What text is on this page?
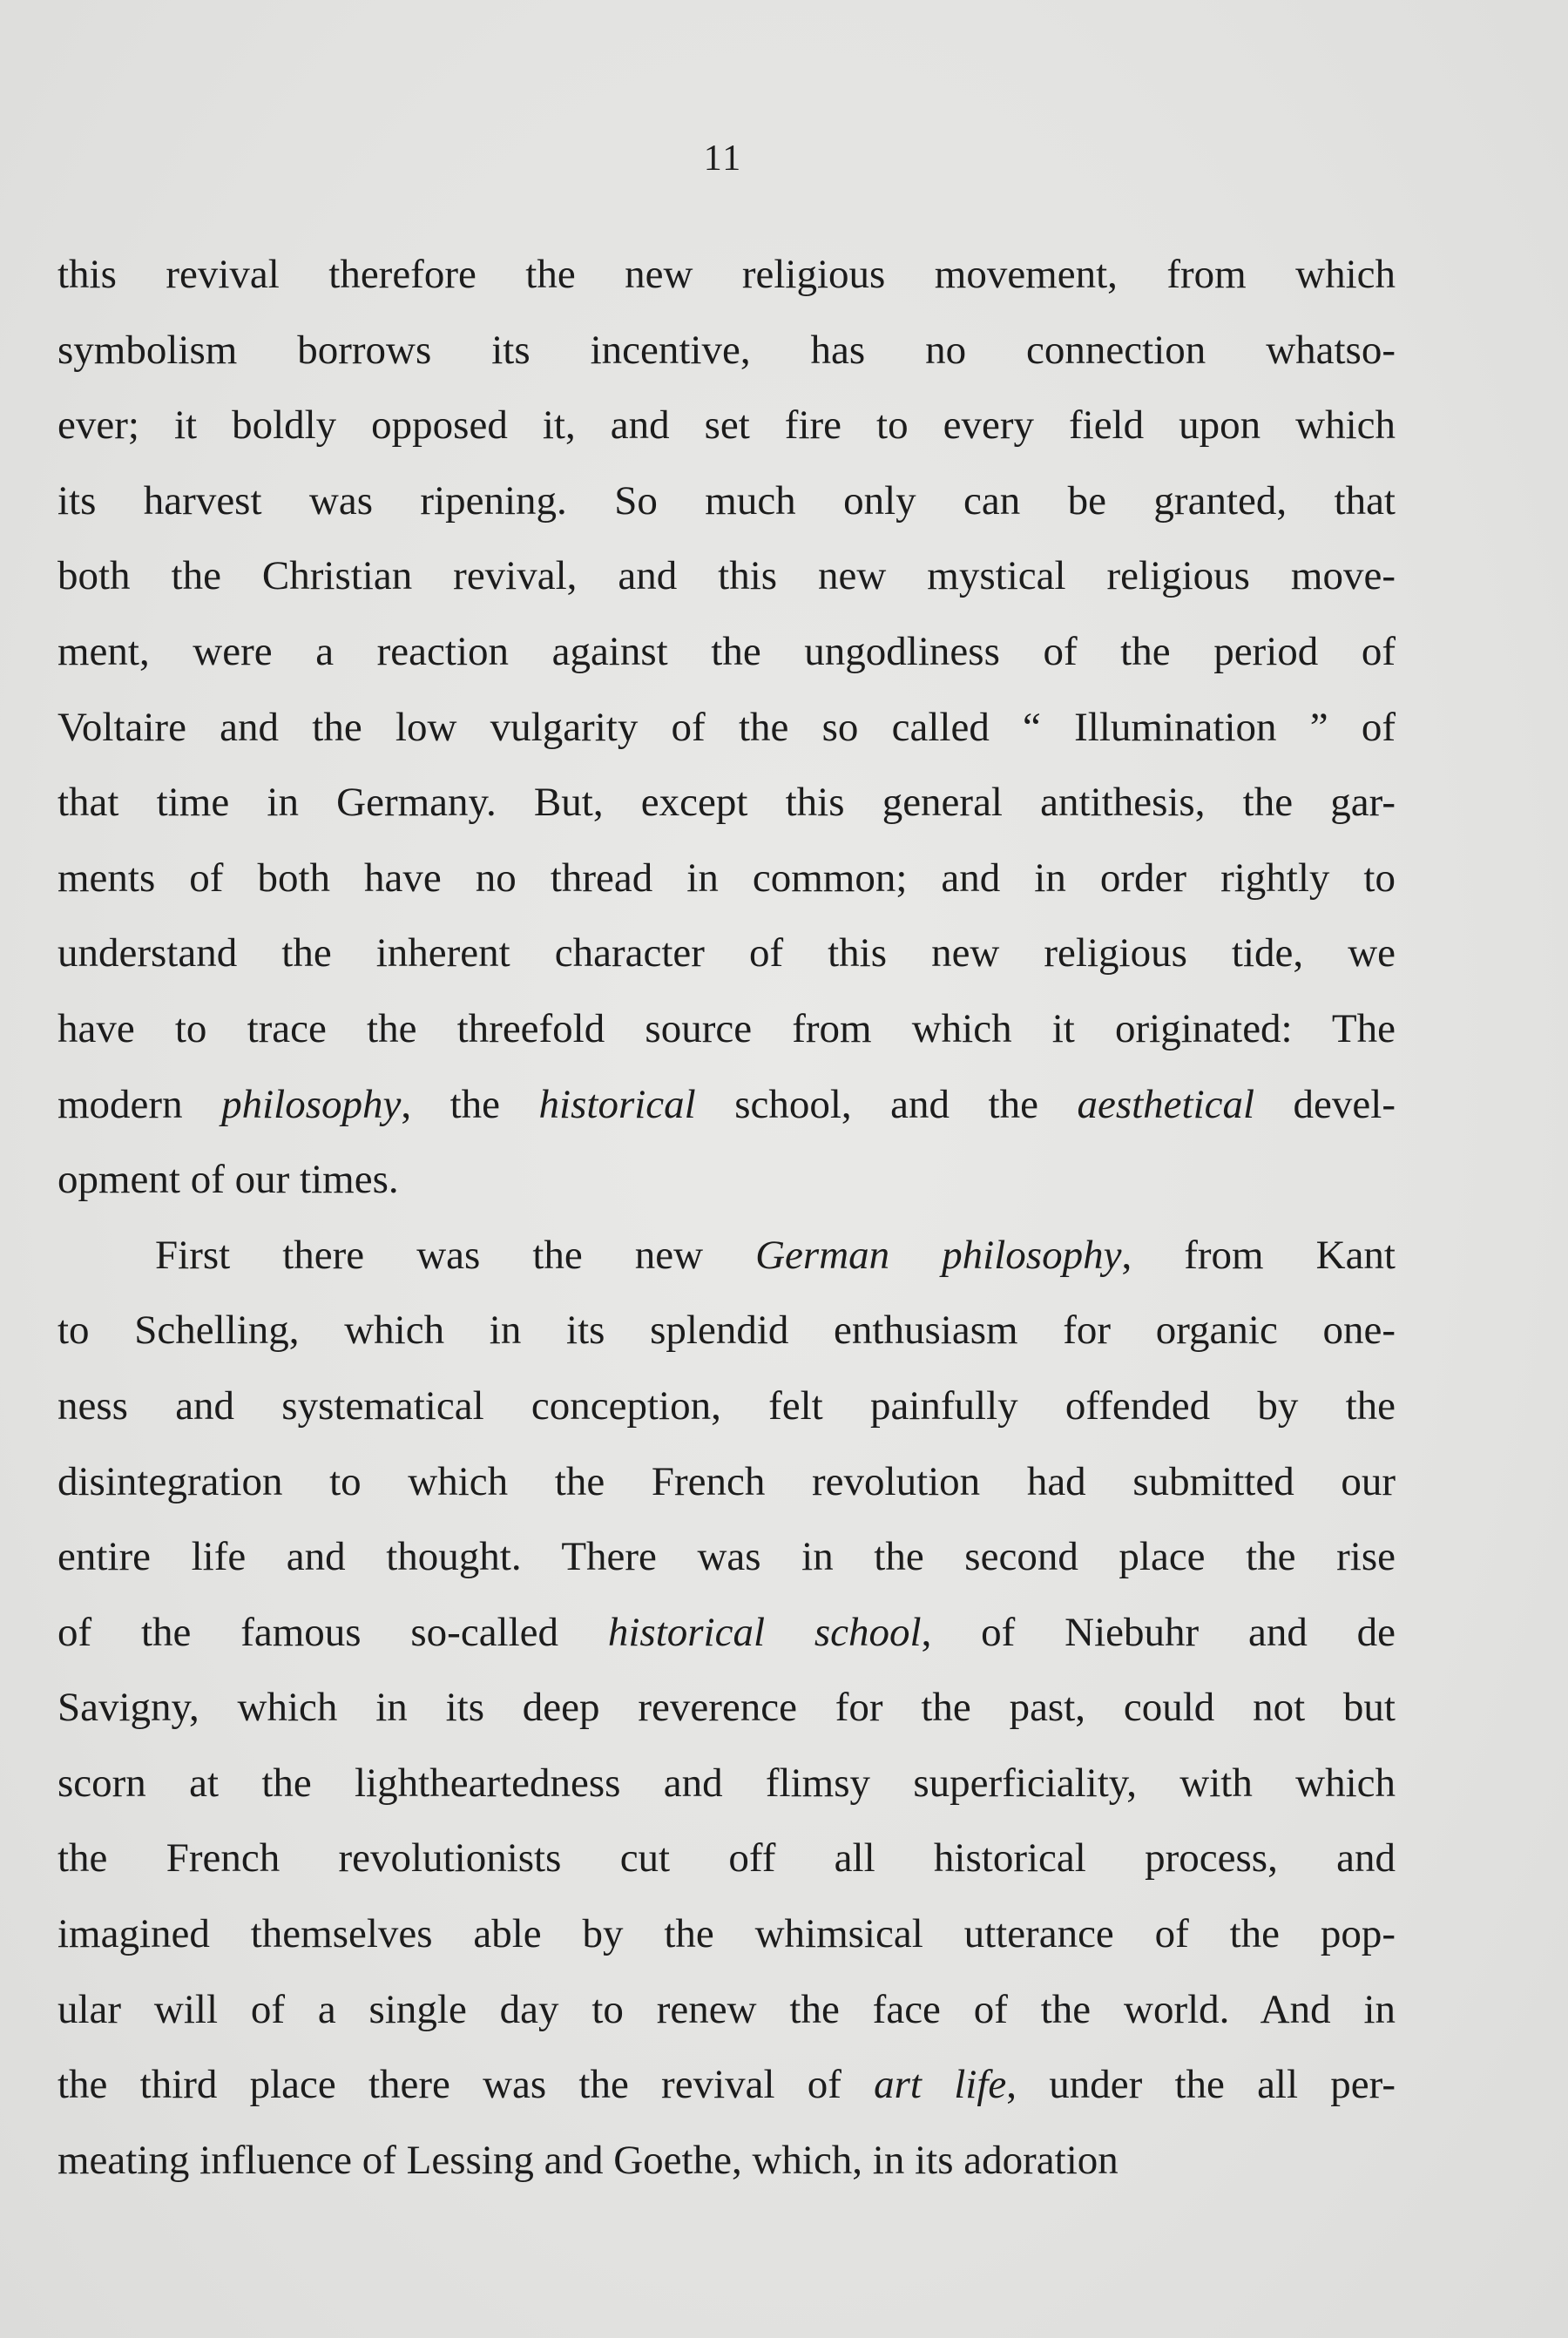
11
this revival therefore the new religious movement, from which
symbolism borrows its incentive, has no connection whatso-
ever; it boldly opposed it, and set fire to every field upon which
its harvest was ripening. So much only can be granted, that
both the Christian revival, and this new mystical religious move-
ment, were a reaction against the ungodliness of the period of
Voltaire and the low vulgarity of the so called “ Illumination ” of
that time in Germany. But, except this general antithesis, the gar-
ments of both have no thread in common; and in order rightly to
understand the inherent character of this new religious tide, we
have to trace the threefold source from which it originated: The
modern philosophy, the historical school, and the aesthetical devel-
opment of our times.
First there was the new German philosophy, from Kant
to Schelling, which in its splendid enthusiasm for organic one-
ness and systematical conception, felt painfully offended by the
disintegration to which the French revolution had submitted our
entire life and thought. There was in the second place the rise
of the famous so-called historical school, of Niebuhr and de
Savigny, which in its deep reverence for the past, could not but
scorn at the lightheartedness and flimsy superficiality, with which
the French revolutionists cut off all historical process, and
imagined themselves able by the whimsical utterance of the pop-
ular will of a single day to renew the face of the world. And in
the third place there was the revival of art life, under the all per-
meating influence of Lessing and Goethe, which, in its adoration
